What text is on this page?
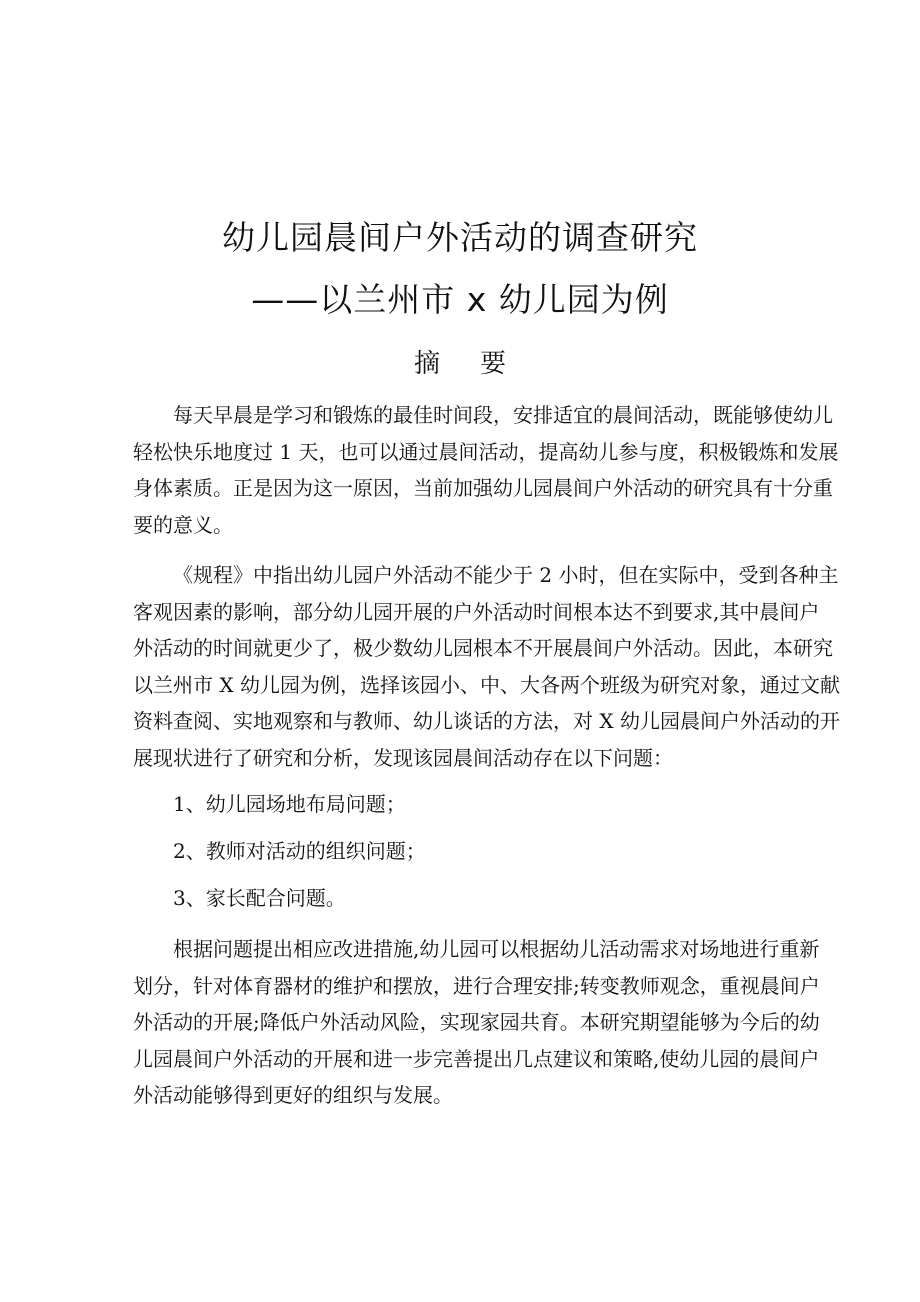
幼儿园晨间户外活动的调查研究
——以兰州市 x 幼儿园为例
摘要
每天早晨是学习和锻炼的最佳时间段，安排适宜的晨间活动，既能够使幼儿
轻松快乐地度过 1 天，也可以通过晨间活动，提高幼儿参与度，积极锻炼和发展
身体素质。正是因为这一原因，当前加强幼儿园晨间户外活动的研究具有十分重
要的意义。
《规程》中指出幼儿园户外活动不能少于 2 小时，但在实际中，受到各种主
客观因素的影响，部分幼儿园开展的户外活动时间根本达不到要求,其中晨间户
外活动的时间就更少了，极少数幼儿园根本不开展晨间户外活动。因此，本研究
以兰州市 X 幼儿园为例，选择该园小、中、大各两个班级为研究对象，通过文献
资料查阅、实地观察和与教师、幼儿谈话的方法，对 X 幼儿园晨间户外活动的开
展现状进行了研究和分析，发现该园晨间活动存在以下问题：
1、幼儿园场地布局问题；
2、教师对活动的组织问题；
3、家长配合问题。
根据问题提出相应改进措施,幼儿园可以根据幼儿活动需求对场地进行重新
划分，针对体育器材的维护和摆放，进行合理安排;转变教师观念，重视晨间户
外活动的开展;降低户外活动风险，实现家园共育。本研究期望能够为今后的幼
儿园晨间户外活动的开展和进一步完善提出几点建议和策略,使幼儿园的晨间户
外活动能够得到更好的组织与发展。
